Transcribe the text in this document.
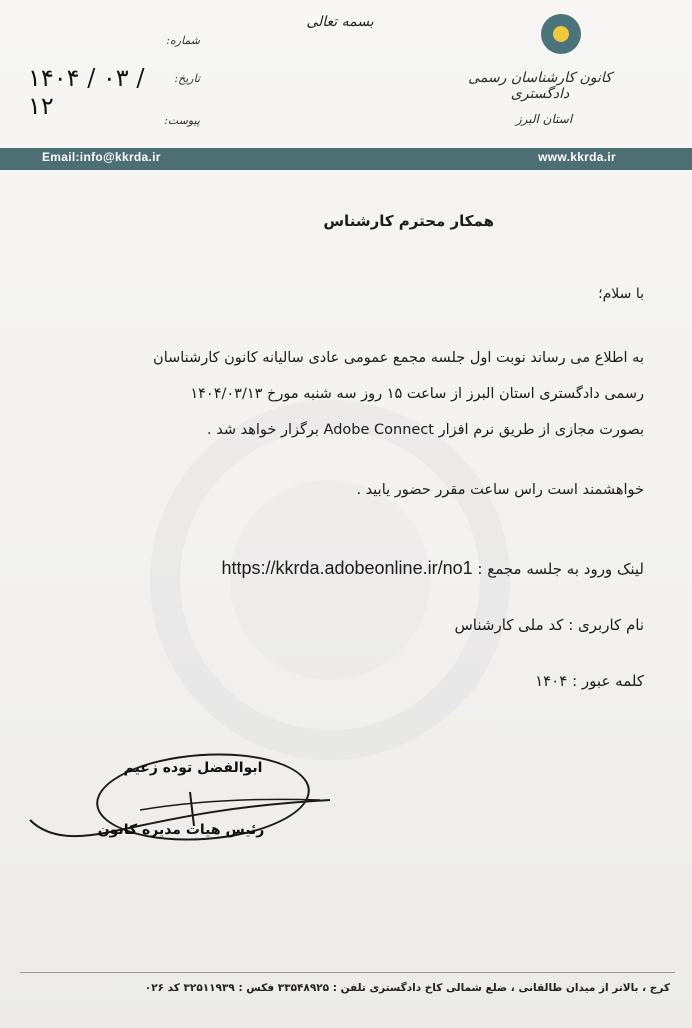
بسمه تعالی
شماره:
تاریخ:
پیوست:
۱۴۰۴ / ۰۳ / ۱۲
کانون کارشناسان رسمی دادگستری
استان البرز
Email:info@kkrda.ir	www.kkrda.ir
همکار محترم کارشناس
با سلام؛
به اطلاع می رساند نوبت اول جلسه مجمع عمومی عادی سالیانه کانون کارشناسان
رسمی دادگستری استان البرز از ساعت ۱۵ روز سه شنبه مورخ ۱۴۰۴/۰۳/۱۳
بصورت مجازی از طریق نرم افزار Adobe Connect برگزار خواهد شد .
خواهشمند است راس ساعت مقرر حضور یابید .
لینک ورود به جلسه مجمع : https://kkrda.adobeonline.ir/no1
نام کاربری : کد ملی کارشناس
کلمه عبور : ۱۴۰۴
ابوالفضل توده زعیم
رئیس هیات مدیره کانون
کرج ، بالاتر از میدان طالقانی ، ضلع شمالی کاخ دادگستری تلفن : ۳۳۵۴۸۹۲۵ فکس : ۳۲۵۱۱۹۳۹ کد ۰۲۶
